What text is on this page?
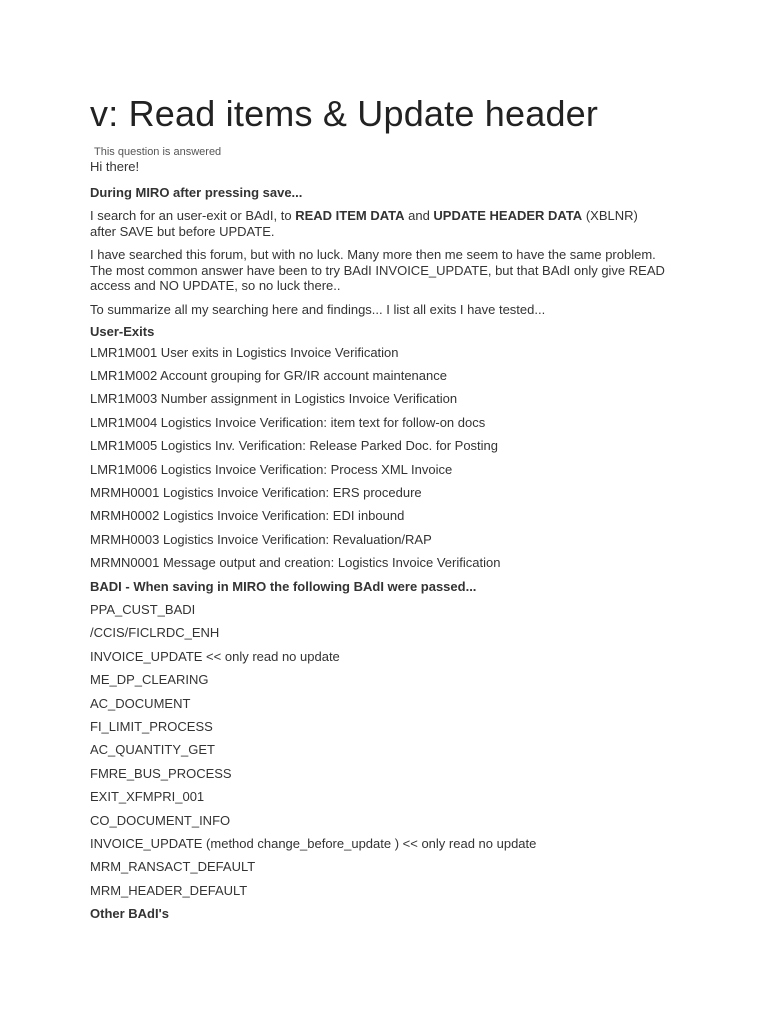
v: Read items & Update header
This question is answered

Hi there!

During MIRO after pressing save...

I search for an user-exit or BAdI, to READ ITEM DATA and UPDATE HEADER DATA (XBLNR)
after SAVE but before UPDATE.

I have searched this forum, but with no luck. Many more then me seem to have the same problem.
The most common answer have been to try BAdI INVOICE_UPDATE, but that BAdI only give READ
access and NO UPDATE, so no luck there..

To summarize all my searching here and findings... I list all exits I have tested...

User-Exits

LMR1M001 User exits in Logistics Invoice Verification
LMR1M002 Account grouping for GR/IR account maintenance
LMR1M003 Number assignment in Logistics Invoice Verification
LMR1M004 Logistics Invoice Verification: item text for follow-on docs
LMR1M005 Logistics Inv. Verification: Release Parked Doc. for Posting
LMR1M006 Logistics Invoice Verification: Process XML Invoice
MRMH0001 Logistics Invoice Verification: ERS procedure
MRMH0002 Logistics Invoice Verification: EDI inbound
MRMH0003 Logistics Invoice Verification: Revaluation/RAP
MRMN0001 Message output and creation: Logistics Invoice Verification
BADI - When saving in MIRO the following BAdI were passed...
PPA_CUST_BADI
/CCIS/FICLRDC_ENH
INVOICE_UPDATE << only read no update
ME_DP_CLEARING
AC_DOCUMENT
FI_LIMIT_PROCESS
AC_QUANTITY_GET
FMRE_BUS_PROCESS
EXIT_XFMPRI_001
CO_DOCUMENT_INFO
INVOICE_UPDATE (method change_before_update ) << only read no update
MRM_RANSACT_DEFAULT
MRM_HEADER_DEFAULT
Other BAdI's
